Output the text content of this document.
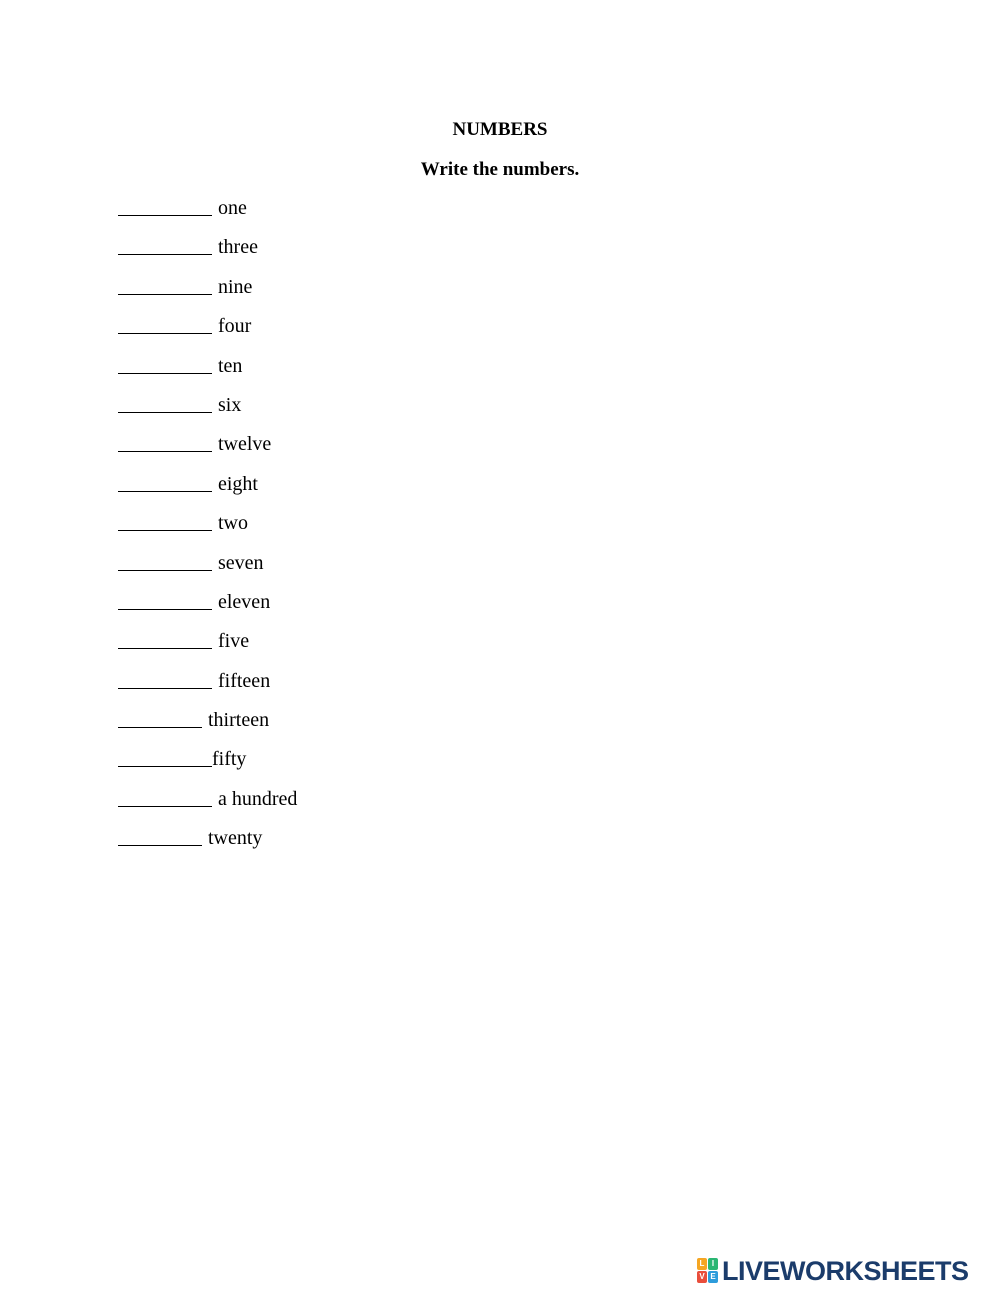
NUMBERS
Write the numbers.
one
three
nine
four
ten
six
twelve
eight
two
seven
eleven
five
fifteen
thirteen
fifty
a hundred
twenty
L I
V E LIVEWORKSHEETS
